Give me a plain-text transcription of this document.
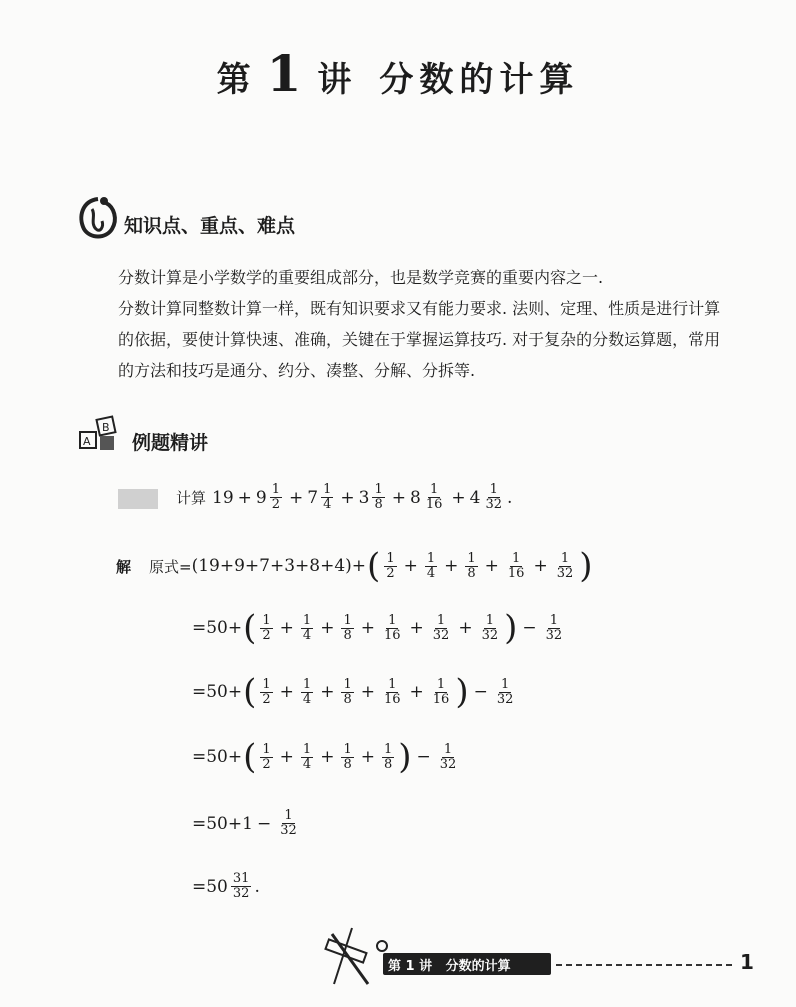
第 1 讲 分数的计算
知识点、重点、难点
分数计算是小学数学的重要组成部分，也是数学竞赛的重要内容之一.
分数计算同整数计算一样，既有知识要求又有能力要求. 法则、定理、性质是进行计算的依据，要使计算快速、准确，关键在于掌握运算技巧. 对于复杂的分数运算题，常用的方法和技巧是通分、约分、凑整、分解、分拆等.
A
B
例题精讲
计算 $19 + 9 \frac{1}{2} + 7 \frac{1}{4} + 3 \frac{1}{8} + 8 \frac{1}{16} + 4 \frac{1}{32}$ .
解 原式= (19+9+7+3+8+4)+ ( $\frac{1}{2} + \frac{1}{4} + \frac{1}{8} + \frac{1}{16} + \frac{1}{32}$ )
=50+ ( $\frac{1}{2} + \frac{1}{4} + \frac{1}{8} + \frac{1}{16} + \frac{1}{32} + \frac{1}{32}$ ) − $\frac{1}{32}$
=50+ ( $\frac{1}{2} + \frac{1}{4} + \frac{1}{8} + \frac{1}{16} + \frac{1}{16}$ ) − $\frac{1}{32}$
=50+ ( $\frac{1}{2} + \frac{1}{4} + \frac{1}{8} + \frac{1}{8}$ ) − $\frac{1}{32}$
$=50+1 - \frac{1}{32}$
$=50 \frac{31}{32}$ .
第 1 讲   分数的计算	1
